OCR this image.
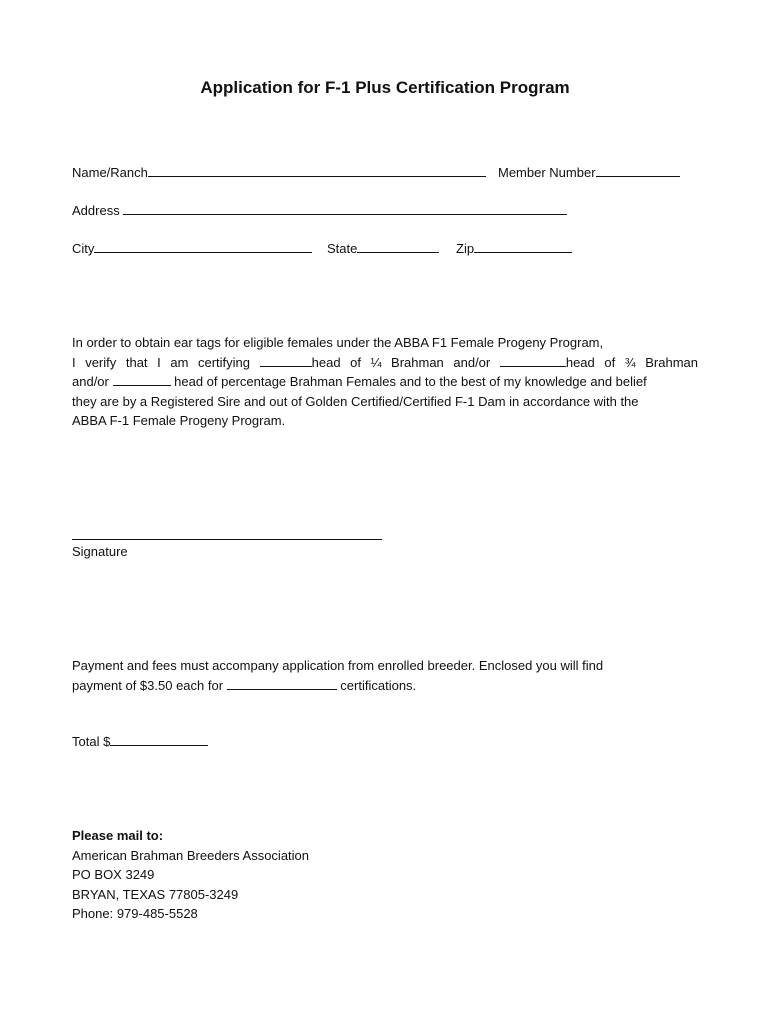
Application for F-1 Plus Certification Program
Name/Ranch	Member Number
Address
City	State	Zip
In order to obtain ear tags for eligible females under the ABBA F1 Female Progeny Program,
I verify that I am certifying	head of ¼ Brahman and/or	head of ¾ Brahman
and/or	head of percentage Brahman Females and to the best of my knowledge and belief
they are by a Registered Sire and out of Golden Certified/Certified F-1 Dam in accordance with the
ABBA F-1 Female Progeny Program.
Signature
Payment and fees must accompany application from enrolled breeder. Enclosed you will find
payment of $3.50 each for	certifications.
Total $
Please mail to:
American Brahman Breeders Association
PO BOX 3249
BRYAN, TEXAS 77805-3249
Phone: 979-485-5528
